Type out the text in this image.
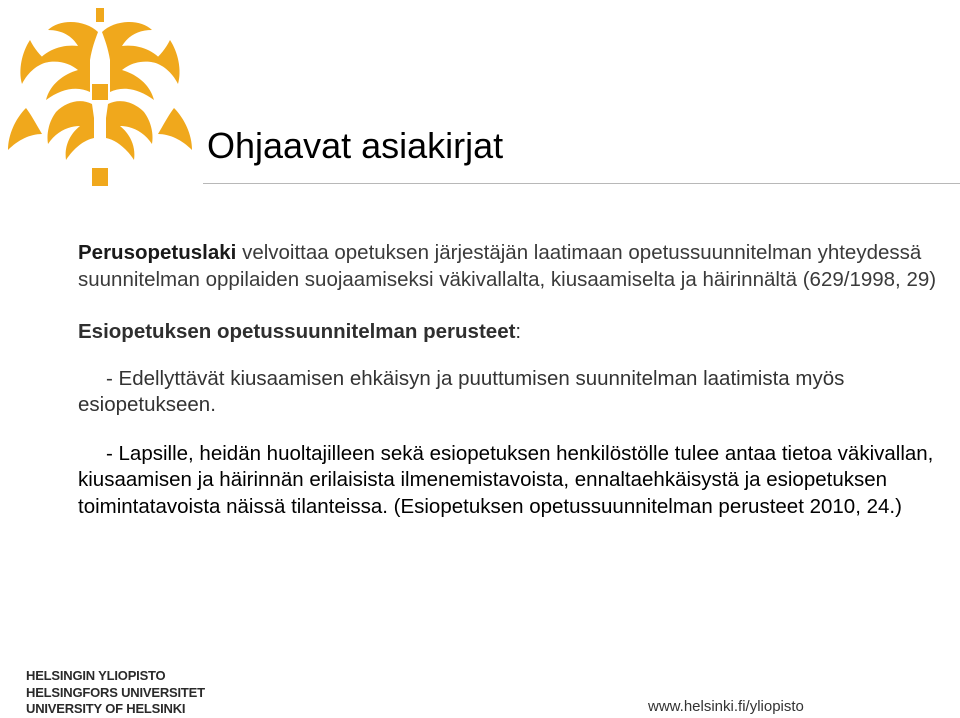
Ohjaavat asiakirjat

Perusopetuslaki velvoittaa opetuksen järjestäjän laatimaan opetussuunnitelman yhteydessä suunnitelman oppilaiden suojaamiseksi väkivallalta, kiusaamiselta ja häirinnältä (629/1998, 29)

Esiopetuksen opetussuunnitelman perusteet:

- Edellyttävät kiusaamisen ehkäisyn ja puuttumisen suunnitelman laatimista myös esiopetukseen.

- Lapsille, heidän huoltajilleen sekä esiopetuksen henkilöstölle tulee antaa tietoa väkivallan, kiusaamisen ja häirinnän erilaisista ilmenemistavoista, ennaltaehkäisystä ja esiopetuksen toimintatavoista näissä tilanteissa. (Esiopetuksen opetussuunnitelman perusteet 2010, 24.)

HELSINGIN YLIOPISTO
HELSINGFORS UNIVERSITET
UNIVERSITY OF HELSINKI	www.helsinki.fi/yliopisto
